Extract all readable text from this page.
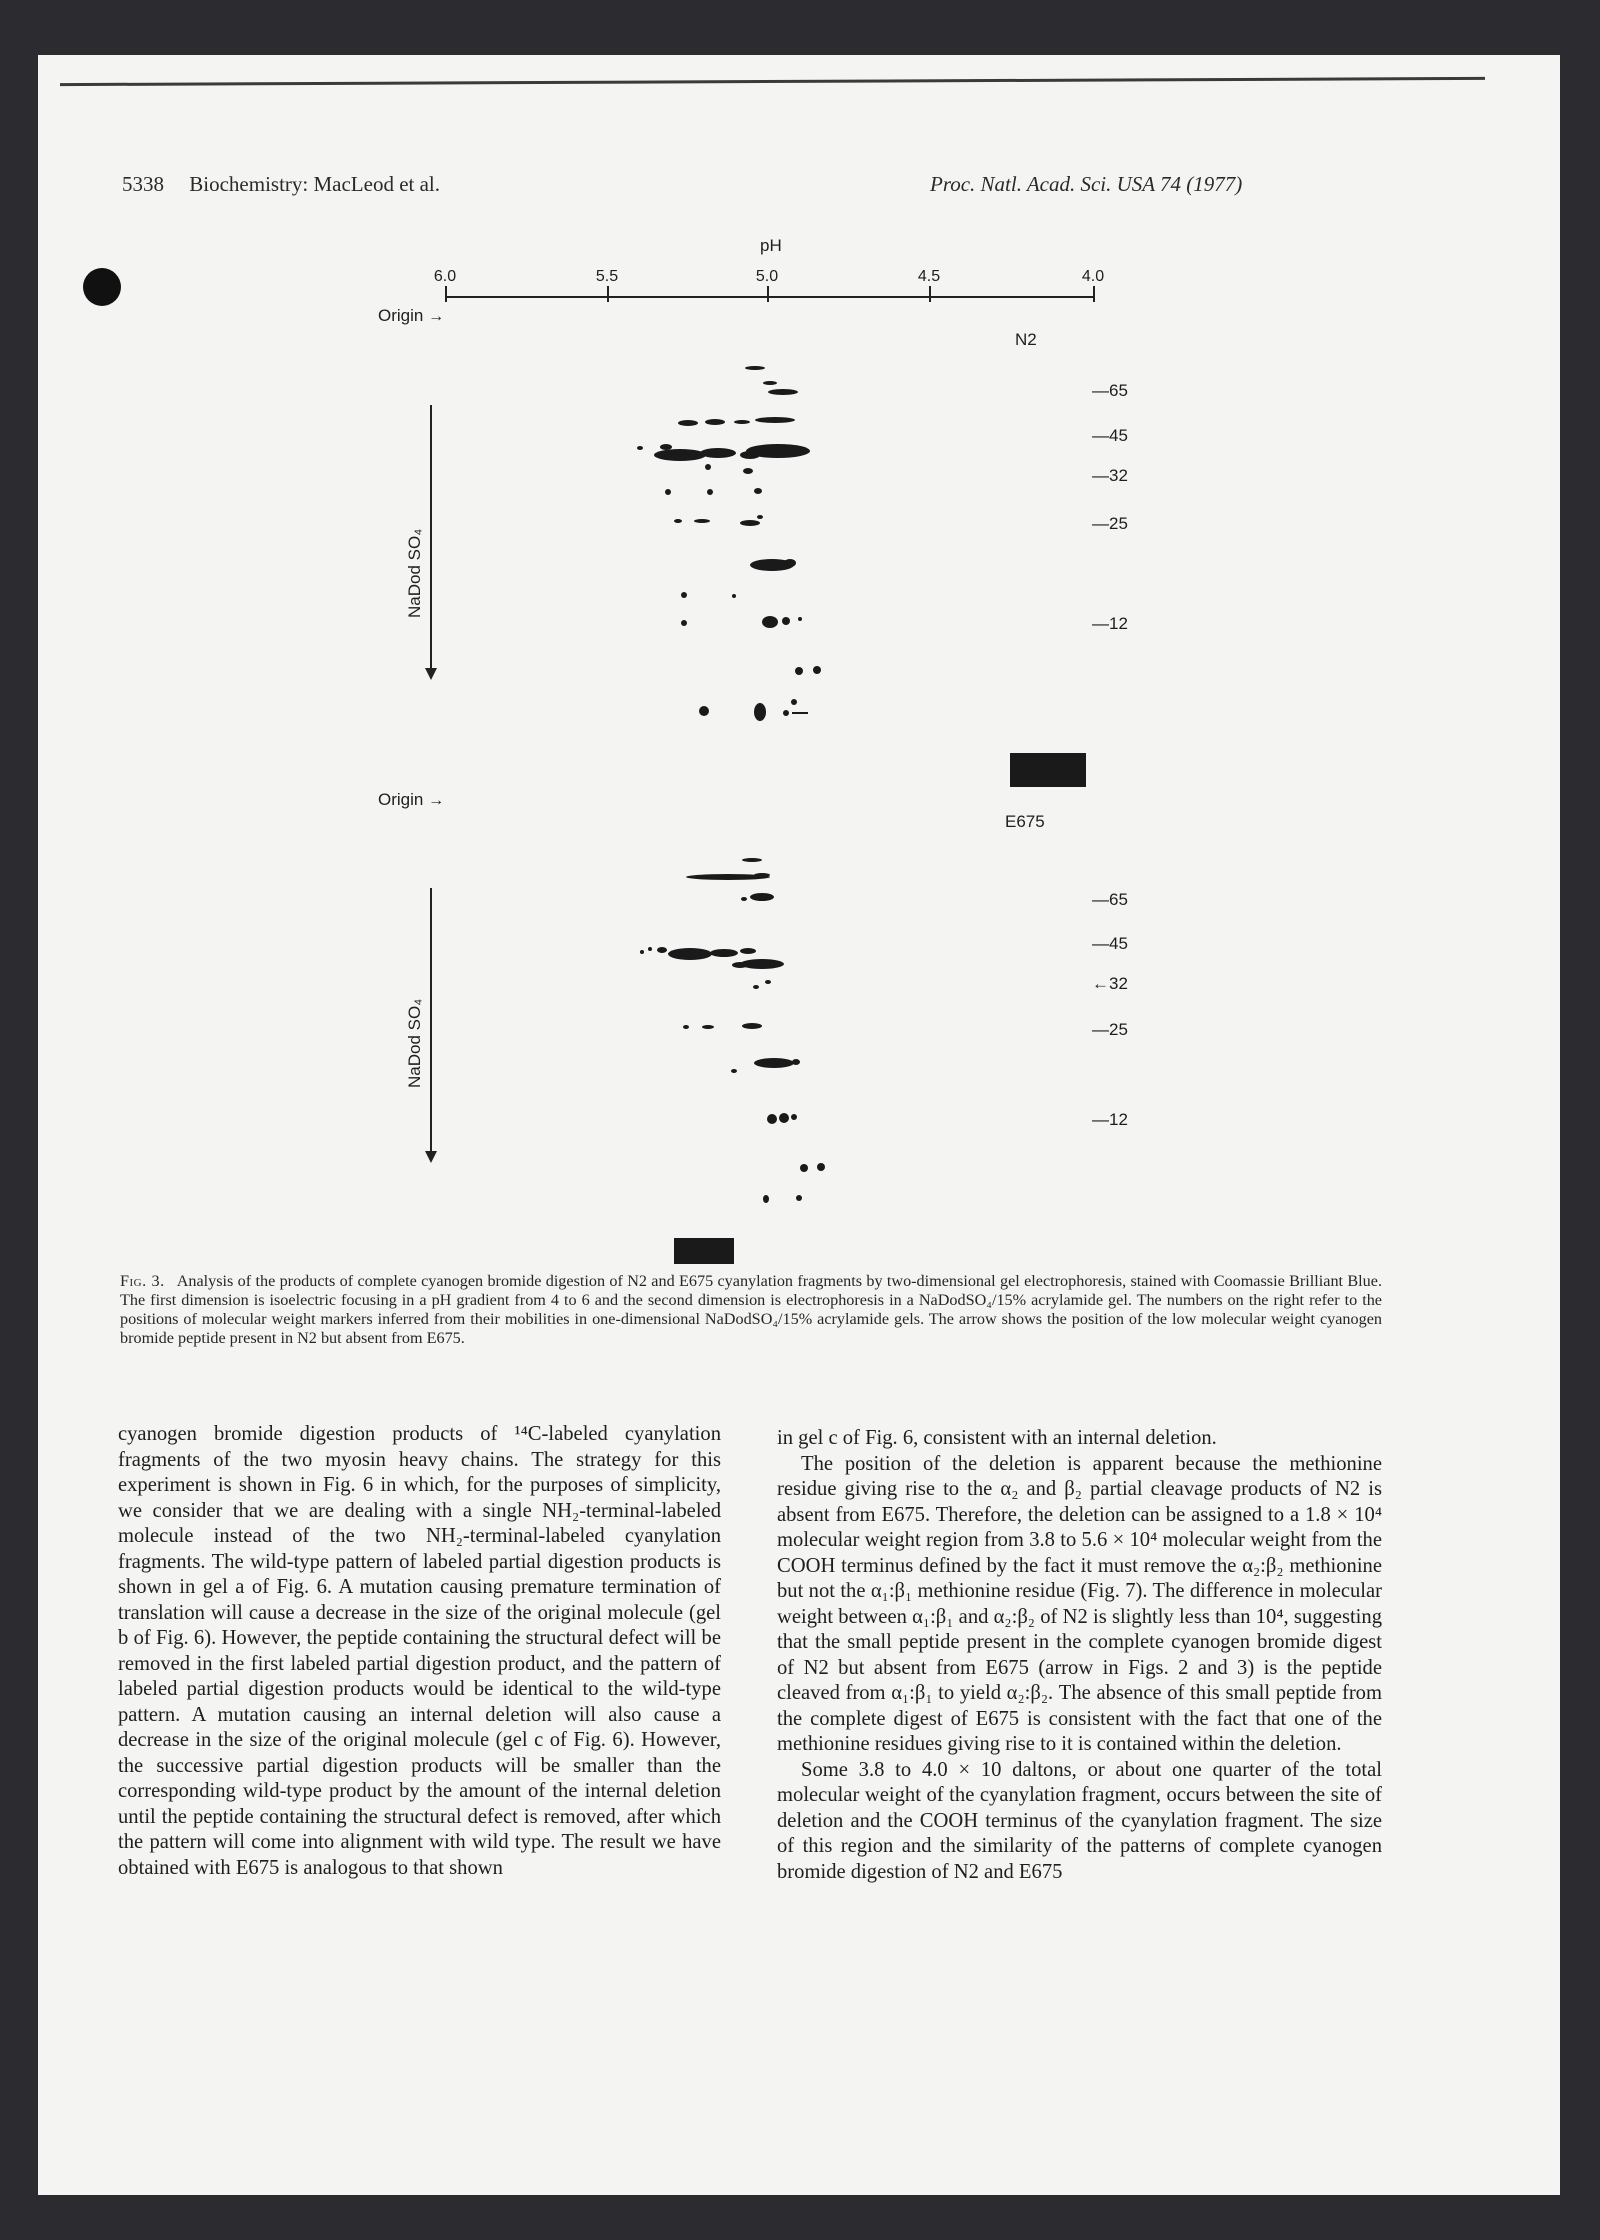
5338 Biochemistry: MacLeod et al.	Proc. Natl. Acad. Sci. USA 74 (1977)
pH
6.0	5.5	5.0	4.5	4.0
Origin →
N2
NaDod SO₄
—65
—45
—32
—25
—12
Origin →
E675
NaDod SO₄
—65
—45
←32
—25
—12
Fig. 3. Analysis of the products of complete cyanogen bromide digestion of N2 and E675 cyanylation fragments by two-dimensional gel electrophoresis, stained with Coomassie Brilliant Blue. The first dimension is isoelectric focusing in a pH gradient from 4 to 6 and the second dimension is electrophoresis in a NaDodSO₄/15% acrylamide gel. The numbers on the right refer to the positions of molecular weight markers inferred from their mobilities in one-dimensional NaDodSO₄/15% acrylamide gels. The arrow shows the position of the low molecular weight cyanogen bromide peptide present in N2 but absent from E675.

cyanogen bromide digestion products of ¹⁴C-labeled cyanylation fragments of the two myosin heavy chains. The strategy for this experiment is shown in Fig. 6 in which, for the purposes of simplicity, we consider that we are dealing with a single NH₂-terminal-labeled molecule instead of the two NH₂-terminal-labeled cyanylation fragments. The wild-type pattern of labeled partial digestion products is shown in gel a of Fig. 6. A mutation causing premature termination of translation will cause a decrease in the size of the original molecule (gel b of Fig. 6). However, the peptide containing the structural defect will be removed in the first labeled partial digestion product, and the pattern of labeled partial digestion products would be identical to the wild-type pattern. A mutation causing an internal deletion will also cause a decrease in the size of the original molecule (gel c of Fig. 6). However, the successive partial digestion products will be smaller than the corresponding wild-type product by the amount of the internal deletion until the peptide containing the structural defect is removed, after which the pattern will come into alignment with wild type. The result we have obtained with E675 is analogous to that shown

in gel c of Fig. 6, consistent with an internal deletion.

The position of the deletion is apparent because the methionine residue giving rise to the α₂ and β₂ partial cleavage products of N2 is absent from E675. Therefore, the deletion can be assigned to a 1.8 × 10⁴ molecular weight region from 3.8 to 5.6 × 10⁴ molecular weight from the COOH terminus defined by the fact it must remove the α₂:β₂ methionine but not the α₁:β₁ methionine residue (Fig. 7). The difference in molecular weight between α₁:β₁ and α₂:β₂ of N2 is slightly less than 10⁴, suggesting that the small peptide present in the complete cyanogen bromide digest of N2 but absent from E675 (arrow in Figs. 2 and 3) is the peptide cleaved from α₁:β₁ to yield α₂:β₂. The absence of this small peptide from the complete digest of E675 is consistent with the fact that one of the methionine residues giving rise to it is contained within the deletion.

Some 3.8 to 4.0 × 10 daltons, or about one quarter of the total molecular weight of the cyanylation fragment, occurs between the site of deletion and the COOH terminus of the cyanylation fragment. The size of this region and the similarity of the patterns of complete cyanogen bromide digestion of N2 and E675
